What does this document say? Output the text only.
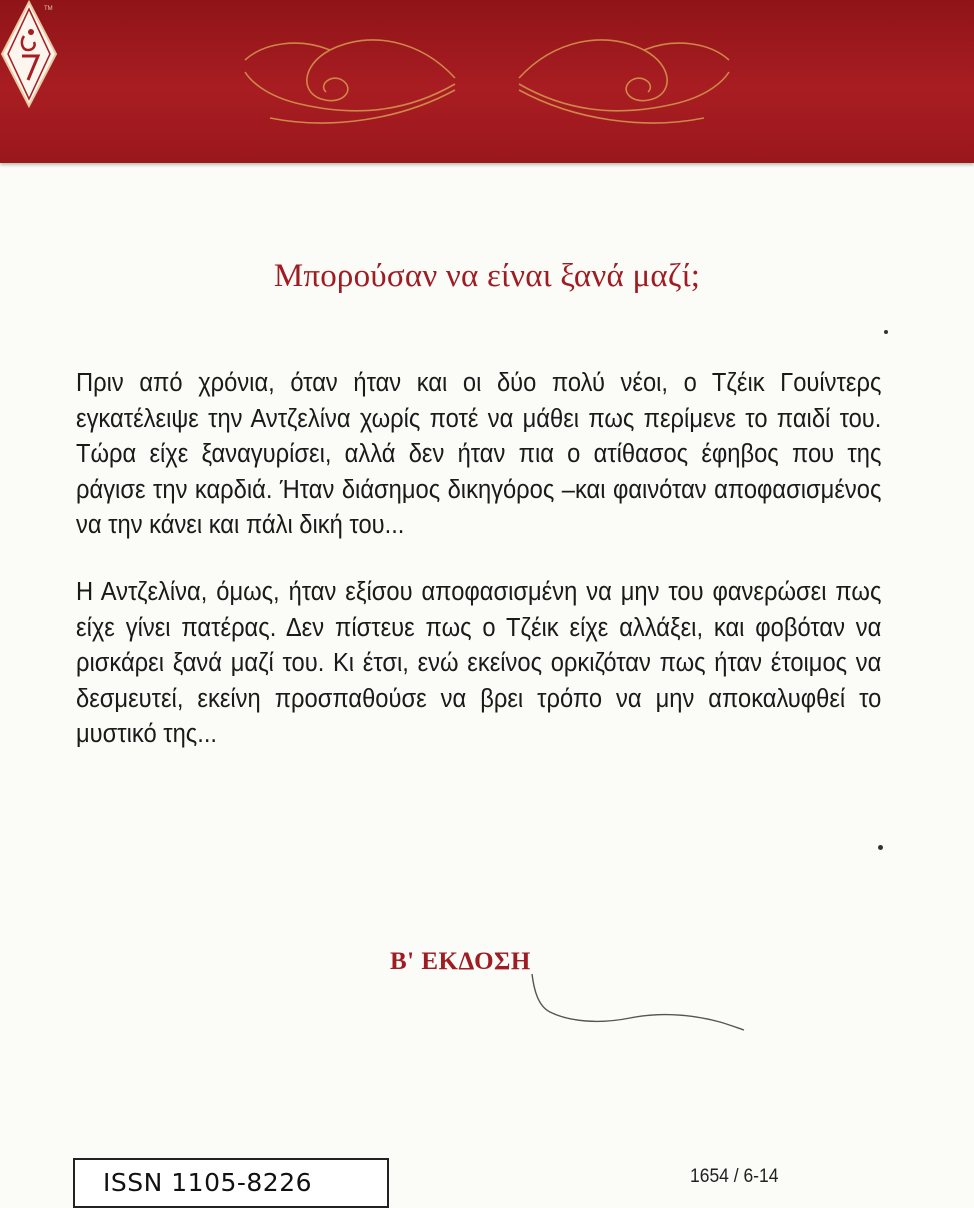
TM
Μπορούσαν να είναι ξανά μαζί;
Πριν από χρόνια, όταν ήταν και οι δύο πολύ νέοι, ο Τζέικ Γουίντερς εγκατέλειψε την Αντζελίνα χωρίς ποτέ να μάθει πως περίμενε το παιδί του. Τώρα είχε ξαναγυρίσει, αλλά δεν ήταν πια ο ατίθασος έφηβος που της ράγισε την καρδιά. Ήταν διάσημος δικηγόρος –και φαινόταν αποφασισμένος να την κάνει και πάλι δική του...
Η Αντζελίνα, όμως, ήταν εξίσου αποφασισμένη να μην του φανερώσει πως είχε γίνει πατέρας. Δεν πίστευε πως ο Τζέικ είχε αλλάξει, και φοβόταν να ρισκάρει ξανά μαζί του. Κι έτσι, ενώ εκείνος ορκιζόταν πως ήταν έτοιμος να δεσμευτεί, εκείνη προσπαθούσε να βρει τρόπο να μην αποκαλυφθεί το μυστικό της...
Β' ΕΚΔΟΣΗ
ISSN 1105-8226	1654 / 6-14
